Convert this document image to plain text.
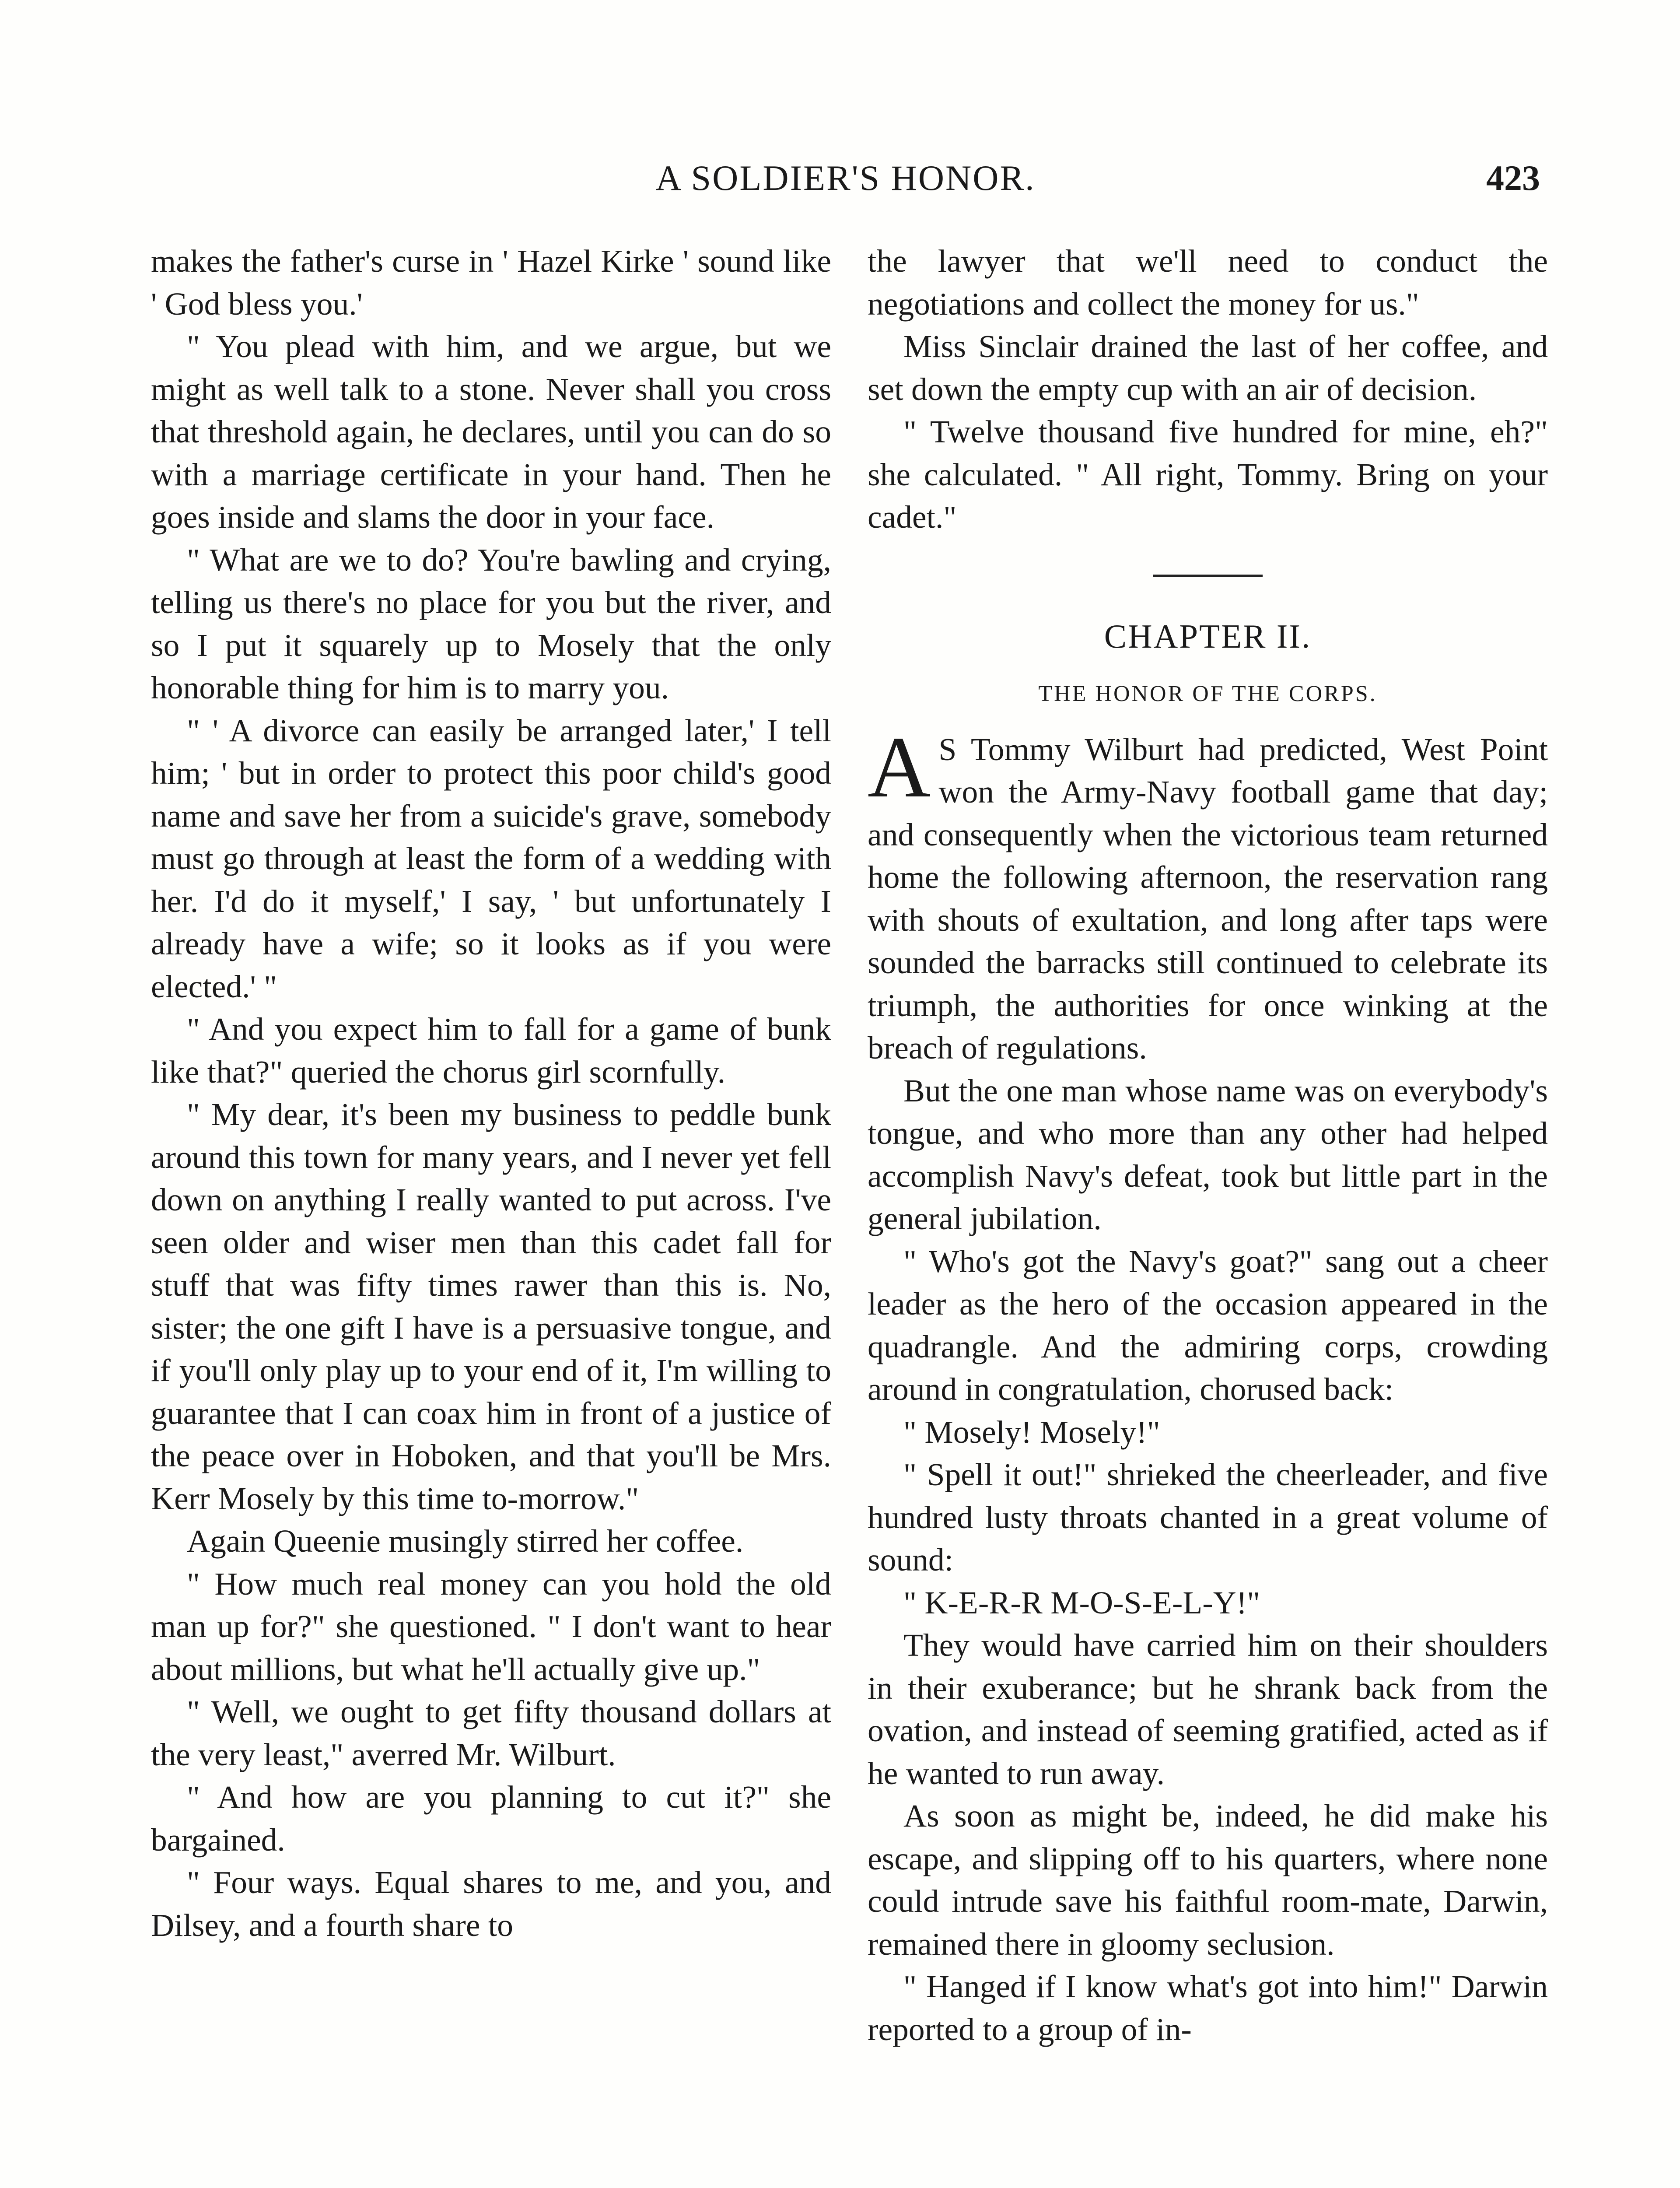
A SOLDIER'S HONOR.	423

makes the father's curse in ' Hazel Kirke ' sound like ' God bless you.'

" You plead with him, and we argue, but we might as well talk to a stone. Never shall you cross that threshold again, he declares, until you can do so with a marriage certificate in your hand. Then he goes inside and slams the door in your face.

" What are we to do? You're bawling and crying, telling us there's no place for you but the river, and so I put it squarely up to Mosely that the only honorable thing for him is to marry you.

" ' A divorce can easily be arranged later,' I tell him; ' but in order to protect this poor child's good name and save her from a suicide's grave, somebody must go through at least the form of a wedding with her. I'd do it myself,' I say, ' but unfortunately I already have a wife; so it looks as if you were elected.' "

" And you expect him to fall for a game of bunk like that?" queried the chorus girl scornfully.

" My dear, it's been my business to peddle bunk around this town for many years, and I never yet fell down on anything I really wanted to put across. I've seen older and wiser men than this cadet fall for stuff that was fifty times rawer than this is. No, sister; the one gift I have is a persuasive tongue, and if you'll only play up to your end of it, I'm willing to guarantee that I can coax him in front of a justice of the peace over in Hoboken, and that you'll be Mrs. Kerr Mosely by this time to-morrow."

Again Queenie musingly stirred her coffee.

" How much real money can you hold the old man up for?" she questioned. " I don't want to hear about millions, but what he'll actually give up."

" Well, we ought to get fifty thousand dollars at the very least," averred Mr. Wilburt.

" And how are you planning to cut it?" she bargained.

" Four ways. Equal shares to me, and you, and Dilsey, and a fourth share to

the lawyer that we'll need to conduct the negotiations and collect the money for us."

Miss Sinclair drained the last of her coffee, and set down the empty cup with an air of decision.

" Twelve thousand five hundred for mine, eh?" she calculated. " All right, Tommy. Bring on your cadet."

CHAPTER II.
THE HONOR OF THE CORPS.

A S Tommy Wilburt had predicted, West Point won the Army-Navy football game that day; and consequently when the victorious team returned home the following afternoon, the reservation rang with shouts of exultation, and long after taps were sounded the barracks still continued to celebrate its triumph, the authorities for once winking at the breach of regulations.

But the one man whose name was on everybody's tongue, and who more than any other had helped accomplish Navy's defeat, took but little part in the general jubilation.

" Who's got the Navy's goat?" sang out a cheer leader as the hero of the occasion appeared in the quadrangle. And the admiring corps, crowding around in congratulation, chorused back:

" Mosely! Mosely!"

" Spell it out!" shrieked the cheerleader, and five hundred lusty throats chanted in a great volume of sound:

" K-E-R-R M-O-S-E-L-Y!"

They would have carried him on their shoulders in their exuberance; but he shrank back from the ovation, and instead of seeming gratified, acted as if he wanted to run away.

As soon as might be, indeed, he did make his escape, and slipping off to his quarters, where none could intrude save his faithful room-mate, Darwin, remained there in gloomy seclusion.

" Hanged if I know what's got into him!" Darwin reported to a group of in-
